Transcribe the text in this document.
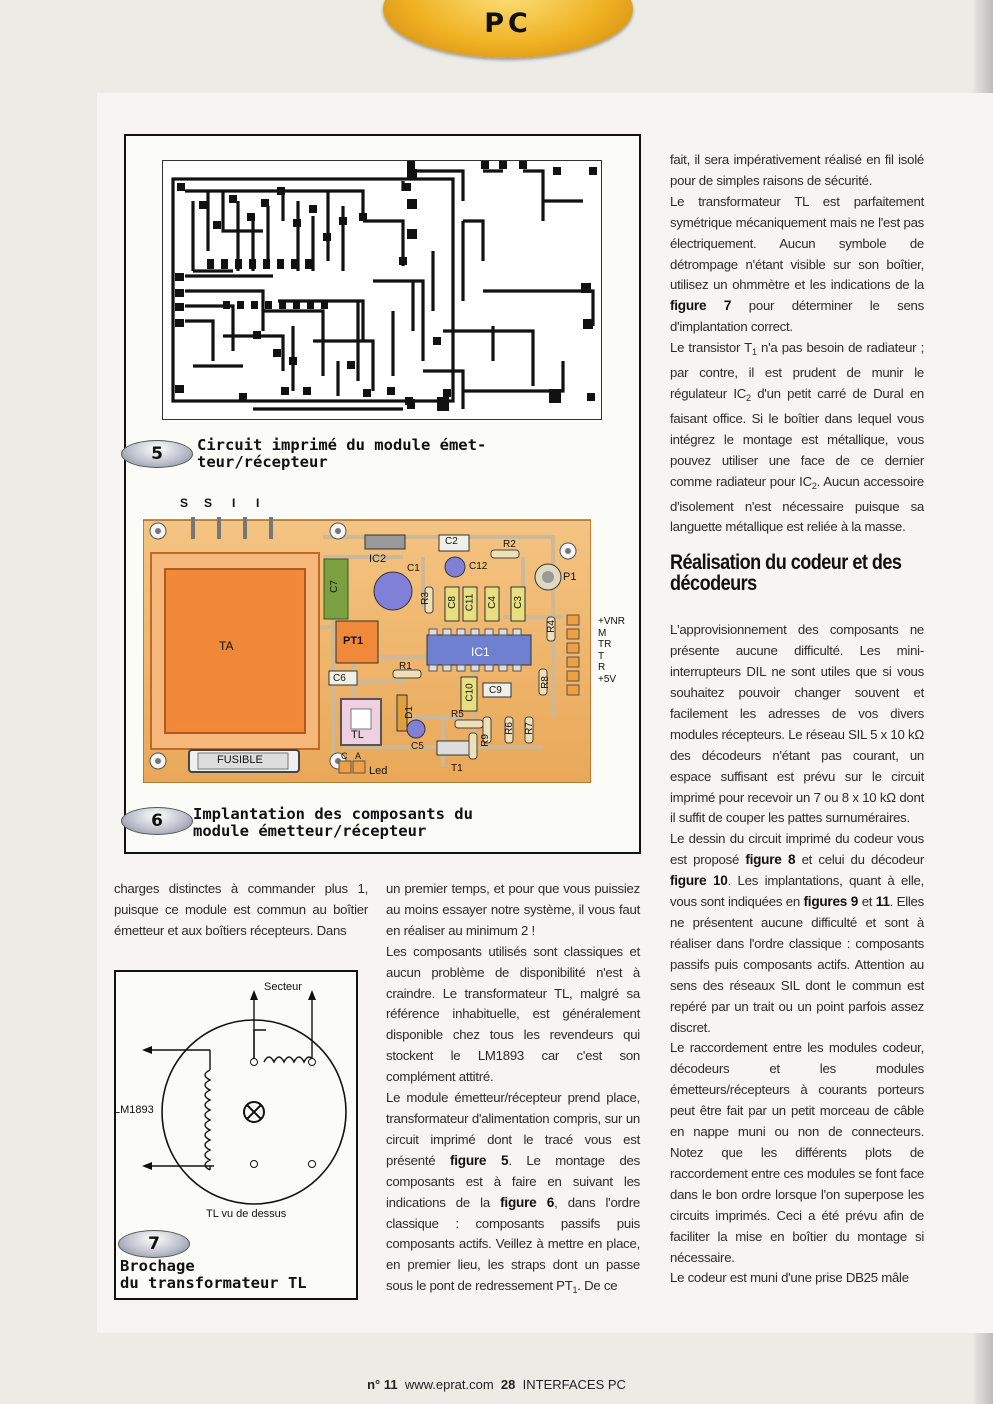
PC
5	Circuit imprimé du module émet-
teur/récepteur
S S I I
IC2
C1
C2	R2
C12
C7
R3 C8 C11 C4 C3
P1
R4
PT1
IC1
R1
C6
TA
C10 C9
R8
D1	R5
R6 R7
TL
C5	R9
T1
FUSIBLE	C A
Led
+VNR
M
TR
T
R
+5V
6	Implantation des composants du
module émetteur/récepteur

charges distinctes à commander plus 1, puisque ce module est commun au boîtier émetteur et aux boîtiers récepteurs. Dans

Secteur
LM1893
TL vu de dessus
7
Brochage
du transformateur TL

un premier temps, et pour que vous puissiez au moins essayer notre système, il vous faut en réaliser au minimum 2 !

Les composants utilisés sont classiques et aucun problème de disponibilité n'est à craindre. Le transformateur TL, malgré sa référence inhabituelle, est généralement disponible chez tous les revendeurs qui stockent le LM1893 car c'est son complément attitré.

Le module émetteur/récepteur prend place, transformateur d'alimentation compris, sur un circuit imprimé dont le tracé vous est présenté figure 5. Le montage des composants est à faire en suivant les indications de la figure 6, dans l'ordre classique : composants passifs puis composants actifs. Veillez à mettre en place, en premier lieu, les straps dont un passe sous le pont de redressement $PT_1$. De ce

fait, il sera impérativement réalisé en fil isolé pour de simples raisons de sécurité.

Le transformateur TL est parfaitement symétrique mécaniquement mais ne l'est pas électriquement. Aucun symbole de détrompage n'étant visible sur son boîtier, utilisez un ohmmètre et les indications de la figure 7 pour déterminer le sens d'implantation correct.

Le transistor $T_1$ n'a pas besoin de radiateur ; par contre, il est prudent de munir le régulateur $IC_2$ d'un petit carré de Dural en faisant office. Si le boîtier dans lequel vous intégrez le montage est métallique, vous pouvez utiliser une face de ce dernier comme radiateur pour $IC_2$. Aucun accessoire d'isolement n'est nécessaire puisque sa languette métallique est reliée à la masse.

Réalisation du codeur et des décodeurs

L'approvisionnement des composants ne présente aucune difficulté. Les mini-interrupteurs DIL ne sont utiles que si vous souhaitez pouvoir changer souvent et facilement les adresses de vos divers modules récepteurs. Le réseau SIL 5 x 10 kΩ des décodeurs n'étant pas courant, un espace suffisant est prévu sur le circuit imprimé pour recevoir un 7 ou 8 x 10 kΩ dont il suffit de couper les pattes surnuméraires.

Le dessin du circuit imprimé du codeur vous est proposé figure 8 et celui du décodeur figure 10. Les implantations, quant à elle, vous sont indiquées en figures 9 et 11. Elles ne présentent aucune difficulté et sont à réaliser dans l'ordre classique : composants passifs puis composants actifs. Attention au sens des réseaux SIL dont le commun est repéré par un trait ou un point parfois assez discret.

Le raccordement entre les modules codeur, décodeurs et les modules émetteurs/récepteurs à courants porteurs peut être fait par un petit morceau de câble en nappe muni ou non de connecteurs. Notez que les différents plots de raccordement entre ces modules se font face dans le bon ordre lorsque l'on superpose les circuits imprimés. Ceci a été prévu afin de faciliter la mise en boîtier du montage si nécessaire.

Le codeur est muni d'une prise DB25 mâle

n° 11 www.eprat.com 28 INTERFACES PC
